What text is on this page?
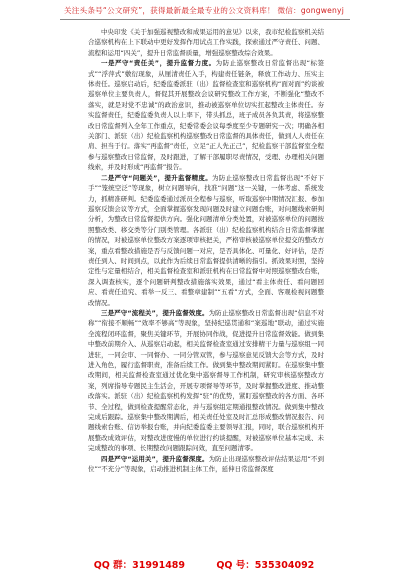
关注头条号“公文研究”，获得最新最全最专业的公文资料库！ 微信：gongwenyj

中央印发《关于加强巡视整改和成果运用的意见》以来，我市纪检监察机关结合巡察机构在上下联动中更好发挥作用试点工作实践，探索通过严守责任、问题、流程和运用“四关”，提升日常监督质量，增强巡察整改综合效果。

一是严守“责任关”，提升监督力度。为防止巡察整改日常监督出现“标签式”“浮萍式”敷衍现象，从厘清责任入手，构建责任链条，释放工作动力、压实主体责任。巡察启动后，纪委监委派驻（出）监督检查室和巡察机构“面对面”约谈被巡察单位主要负责人，督促其开展整改会议研究整改工作方案，不断强化“整改不落实，就是对党不忠诚”的政治意识，推动被巡察单位切实扛起整改主体责任。夯实监督责任，纪委监委负责人以上率下，带头抓总，班子成员各负其责，将巡察整改日常监督列入全年工作重点，纪委常委会议每季度至少专题研究一次；明确各相关部门、派驻（出）纪检监察机构巡察整改日常监督的具体责任，做到人人责任在肩、担当于行。落实“再监督”责任，立足“正人先正己”，纪检监察干部监督室全程参与巡察整改日常监督，及时跟进，了解干部履职尽责情况，受理、办理相关问题线索，并及时形成“再监督”报告。

二是严守“问题关”，提升监督精度。为防止巡察整改日常监督出现“不好下手”“笼统空泛”等现象，树立问题导向，找准“问题”这一关键，一体考虑、系统发力，抓精准研判。纪委监委通过派员全程参与巡察，听取巡察中期情况汇报、参加巡察反馈会议等方式，全面掌握巡察发现问题及时建立问题台账，对问题线索研判分析，为整改日常监督提供方向。强化问题清单分类处置，对被巡察单位的问题按照整改类、移交类等分门别类管理。各派驻（出）纪检监察机构结合日常监督掌握的情况，对被巡察单位整改方案逐项审核把关，严格审核被巡察单位提交的整改方案，重点看整改措施是否与反馈问题一对应，是否具体化、可量化、好评估，是否责任到人、时间到点，以此作为后续日常监督提供清晰的指引。抓效果对照，坚持定性与定量相结合，相关监督检查室和派驻机构在日常监督中对照巡察整改台账，深入调查核实，逐个问题研判整改措施落实效果，通过“看主体责任、看问题回应、看责任追究、看举一反三、看整章建制”“五看”方式，全面、客观检视问题整改情况。

三是严守“流程关”，提升监督效度。为防止巡察整改日常监督出现“信息不对称”“衔接不顺畅”“效率不够高”等现象，坚持纪巡贯通和“案巡地”联动，通过实施全流程闭环监督，聚焦关键环节，开展协同作战，促进提升日常监督效能。做到集中整改前期介入、从巡察启动起，相关监督检查室通过安排精干力量与巡察组一同进驻，一同会审、一同督办、一同分管双管，参与巡察意见反馈大会等方式，及时进入角色，履行监督职责，准备后续工作。做到集中整改期间紧盯。在巡察集中整改期间，相关监督检查室通过优化集中巡察督导工作机制，研究审核巡察整改方案，列席指导专题民主生活会，开展专项督导等环节，及时掌握整改进度、推动整改落实。派驻（出）纪检监察机构发挥“驻”的优势，紧盯巡察整改的各方面、各环节、全过程，做到检查提醒常态化，并与巡察组定期通报整改情况。做到集中整改完成后跟踪。巡察集中整改期满后，相关责任处室及时汇总形成整改情况报告、问题线索台账、信访举报台账，并向纪委监委主要领导汇报，同时，联合巡察机构开展整改成效评估，对整改进度慢的单位进行约谈提醒，对被巡察单位基本完成、未完成整改的事项、长期整改问题跟踪问效，直至问题清零。

四是严守“运用关”，提升监督深度。为防止出现巡察整改评估结果运用“不到位”“不充分”等现象，启动推进机制主体工作，延伸日常监督深度

QQ 群：31991489	QQ 号：535304092
